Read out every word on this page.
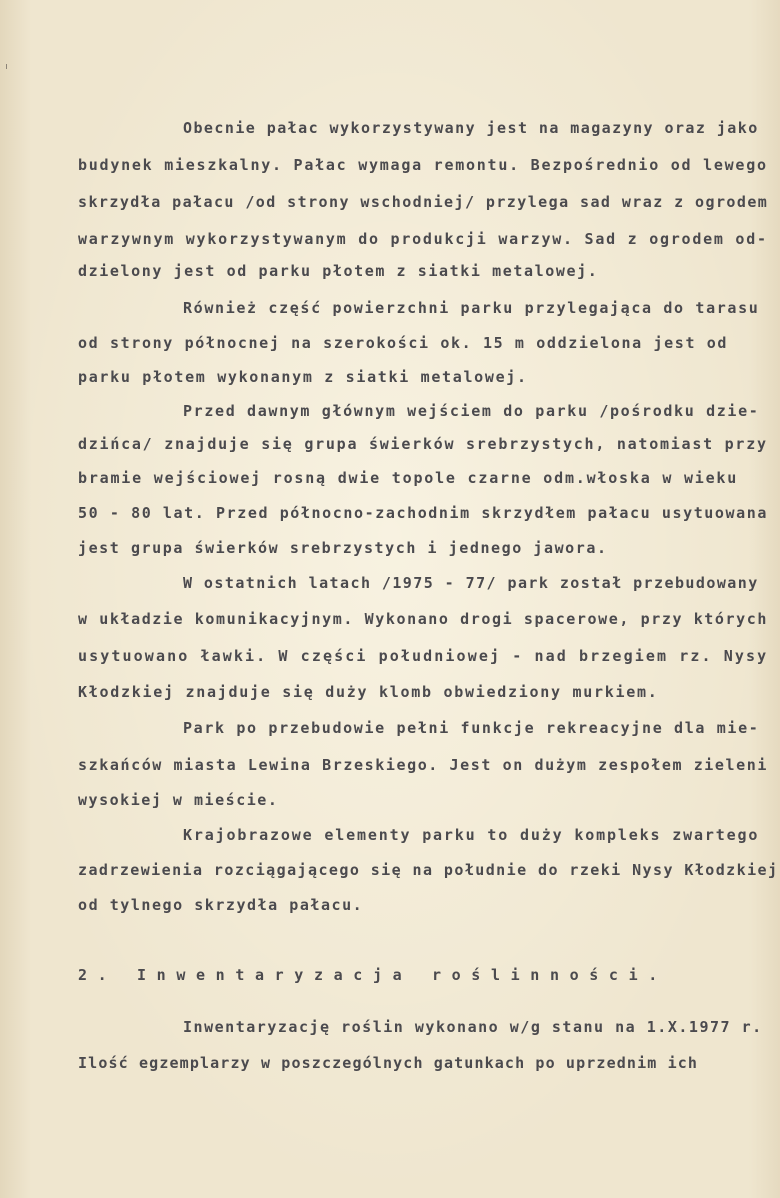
Obecnie pałac wykorzystywany jest na magazyny oraz jako
budynek mieszkalny. Pałac wymaga remontu. Bezpośrednio od lewego
skrzydła pałacu /od strony wschodniej/ przylega sad wraz z ogrodem
warzywnym wykorzystywanym do produkcji warzyw. Sad z ogrodem od-
dzielony jest od parku płotem z siatki metalowej.
Również część powierzchni parku przylegająca do tarasu
od strony północnej na szerokości ok. 15 m oddzielona jest od
parku płotem wykonanym z siatki metalowej.
Przed dawnym głównym wejściem do parku /pośrodku dzie-
dzińca/ znajduje się grupa świerków srebrzystych, natomiast przy
bramie wejściowej rosną dwie topole czarne odm.włoska w wieku
50 - 80 lat. Przed północno-zachodnim skrzydłem pałacu usytuowana
jest grupa świerków srebrzystych i jednego jawora.
W ostatnich latach /1975 - 77/ park został przebudowany
w układzie komunikacyjnym. Wykonano drogi spacerowe, przy których
usytuowano ławki. W części południowej - nad brzegiem rz. Nysy
Kłodzkiej znajduje się duży klomb obwiedziony murkiem.
Park po przebudowie pełni funkcje rekreacyjne dla mie-
szkańców miasta Lewina Brzeskiego. Jest on dużym zespołem zieleni
wysokiej w mieście.
Krajobrazowe elementy parku to duży kompleks zwartego
zadrzewienia rozciągającego się na południe do rzeki Nysy Kłodzkiej
od tylnego skrzydła pałacu.
2. Inwentaryzacja roślinności.
Inwentaryzację roślin wykonano w/g stanu na 1.X.1977 r.
Ilość egzemplarzy w poszczególnych gatunkach po uprzednim ich
